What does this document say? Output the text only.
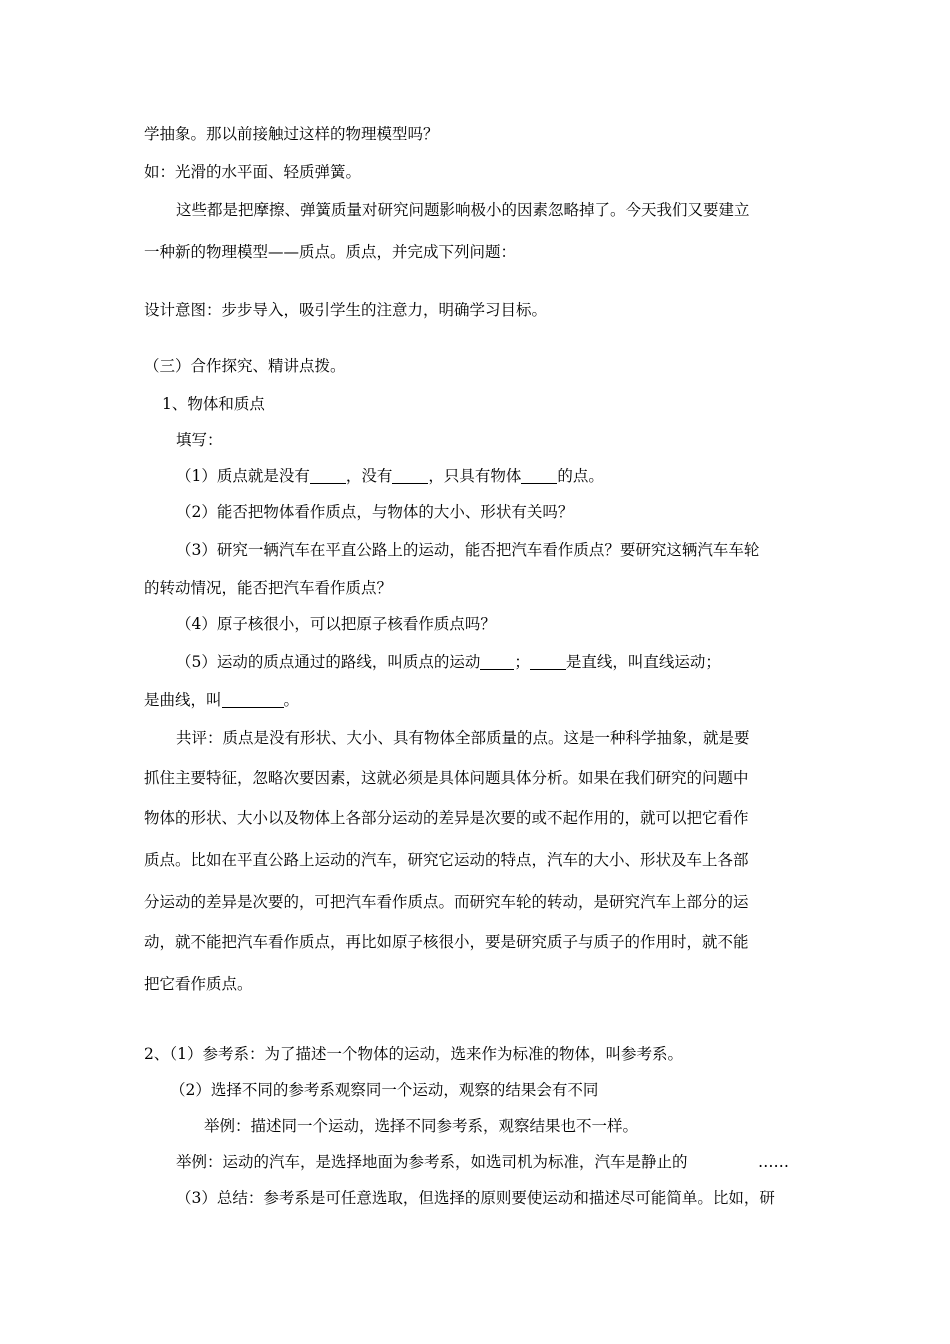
学抽象。那以前接触过这样的物理模型吗？
如：光滑的水平面、轻质弹簧。
这些都是把摩擦、弹簧质量对研究问题影响极小的因素忽略掉了。今天我们又要建立
一种新的物理模型——质点。质点，并完成下列问题：
设计意图：步步导入，吸引学生的注意力，明确学习目标。
（三）合作探究、精讲点拨。
1、物体和质点
填写：
（1）质点就是没有 ，没有 ，只具有物体 的点。
（2）能否把物体看作质点，与物体的大小、形状有关吗？
（3）研究一辆汽车在平直公路上的运动，能否把汽车看作质点？要研究这辆汽车车轮
的转动情况，能否把汽车看作质点？
（4）原子核很小，可以把原子核看作质点吗？
（5）运动的质点通过的路线，叫质点的运动 ； 是直线，叫直线运动；
是曲线，叫	。
共评：质点是没有形状、大小、具有物体全部质量的点。这是一种科学抽象，就是要
抓住主要特征，忽略次要因素，这就必须是具体问题具体分析。如果在我们研究的问题中
物体的形状、大小以及物体上各部分运动的差异是次要的或不起作用的，就可以把它看作
质点。比如在平直公路上运动的汽车，研究它运动的特点，汽车的大小、形状及车上各部
分运动的差异是次要的，可把汽车看作质点。而研究车轮的转动，是研究汽车上部分的运
动，就不能把汽车看作质点，再比如原子核很小，要是研究质子与质子的作用时，就不能
把它看作质点。
2、（1）参考系：为了描述一个物体的运动，选来作为标准的物体，叫参考系。
（2）选择不同的参考系观察同一个运动，观察的结果会有不同
举例：描述同一个运动，选择不同参考系，观察结果也不一样。
举例：运动的汽车，是选择地面为参考系，如选司机为标准，汽车是静止的	……
（3）总结：参考系是可任意选取，但选择的原则要使运动和描述尽可能简单。比如，研
